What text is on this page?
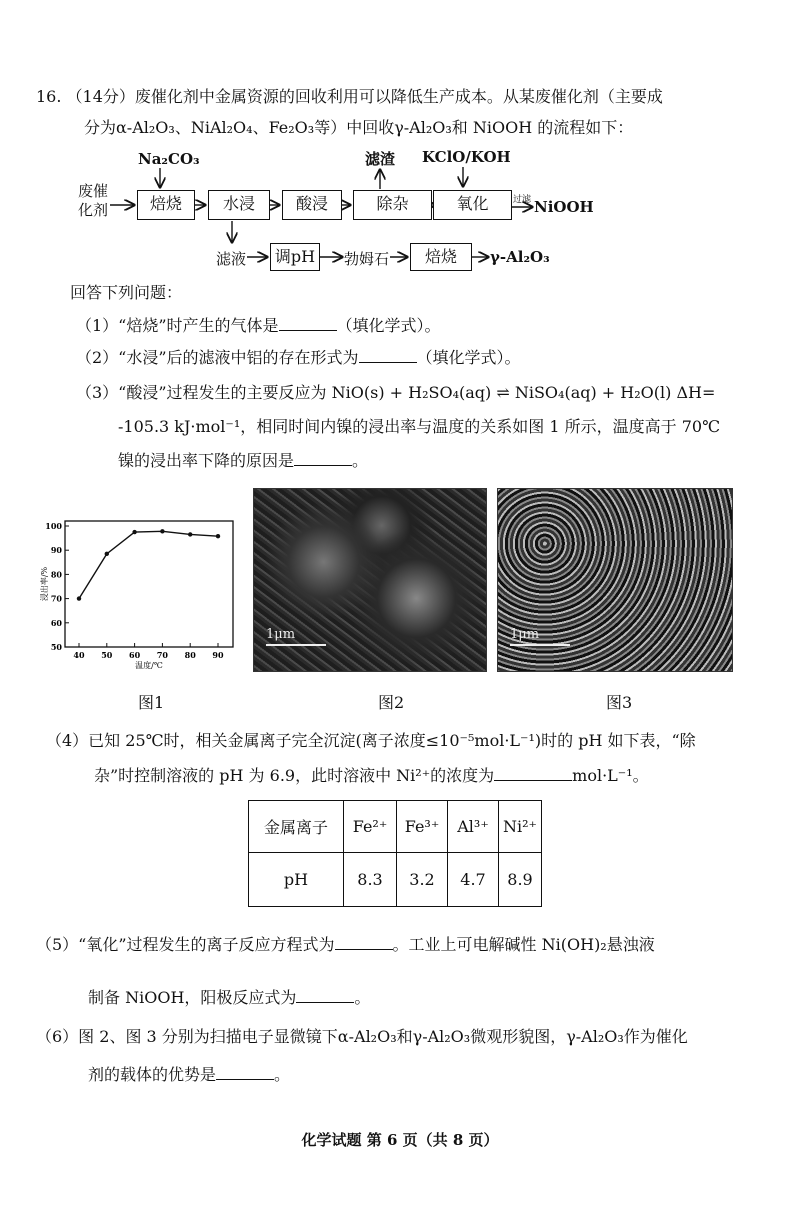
16. （14分）废催化剂中金属资源的回收利用可以降低生产成本。从某废催化剂（主要成
分为α-Al₂O₃、NiAl₂O₄、Fe₂O₃等）中回收γ-Al₂O₃和 NiOOH 的流程如下：
废催化剂
Na₂CO₃
焙烧	水浸	酸浸	除杂
滤渣 KClO/KOH
氧化	过滤 NiOOH
滤液	调pH	勃姆石	焙烧	γ-Al₂O₃
回答下列问题：
（1）“焙烧”时产生的气体是	（填化学式）。
（2）“水浸”后的滤液中铝的存在形式为	（填化学式）。
（3）“酸浸”过程发生的主要反应为 NiO(s) + H₂SO₄(aq) ⇌ NiSO₄(aq) + H₂O(l) ΔH=
-105.3 kJ·mol⁻¹，相同时间内镍的浸出率与温度的关系如图 1 所示，温度高于 70℃
镍的浸出率下降的原因是	。
50
60
70
80
90
100
40 50 60 70 80 90
温度/℃
浸出率/%
1μm	1μm
图1	图2	图3
（4）已知 25℃时，相关金属离子完全沉淀(离子浓度≤10⁻⁵mol·L⁻¹)时的 pH 如下表，“除
杂”时控制溶液的 pH 为 6.9，此时溶液中 Ni²⁺的浓度为	mol·L⁻¹。
金属离子	Fe²⁺	Fe³⁺	Al³⁺	Ni²⁺
pH	8.3	3.2	4.7	8.9
（5）“氧化”过程发生的离子反应方程式为	。工业上可电解碱性 Ni(OH)₂悬浊液
制备 NiOOH，阳极反应式为	。
（6）图 2、图 3 分别为扫描电子显微镜下α-Al₂O₃和γ-Al₂O₃微观形貌图，γ-Al₂O₃作为催化
剂的载体的优势是	。
化学试题 第 6 页（共 8 页）
